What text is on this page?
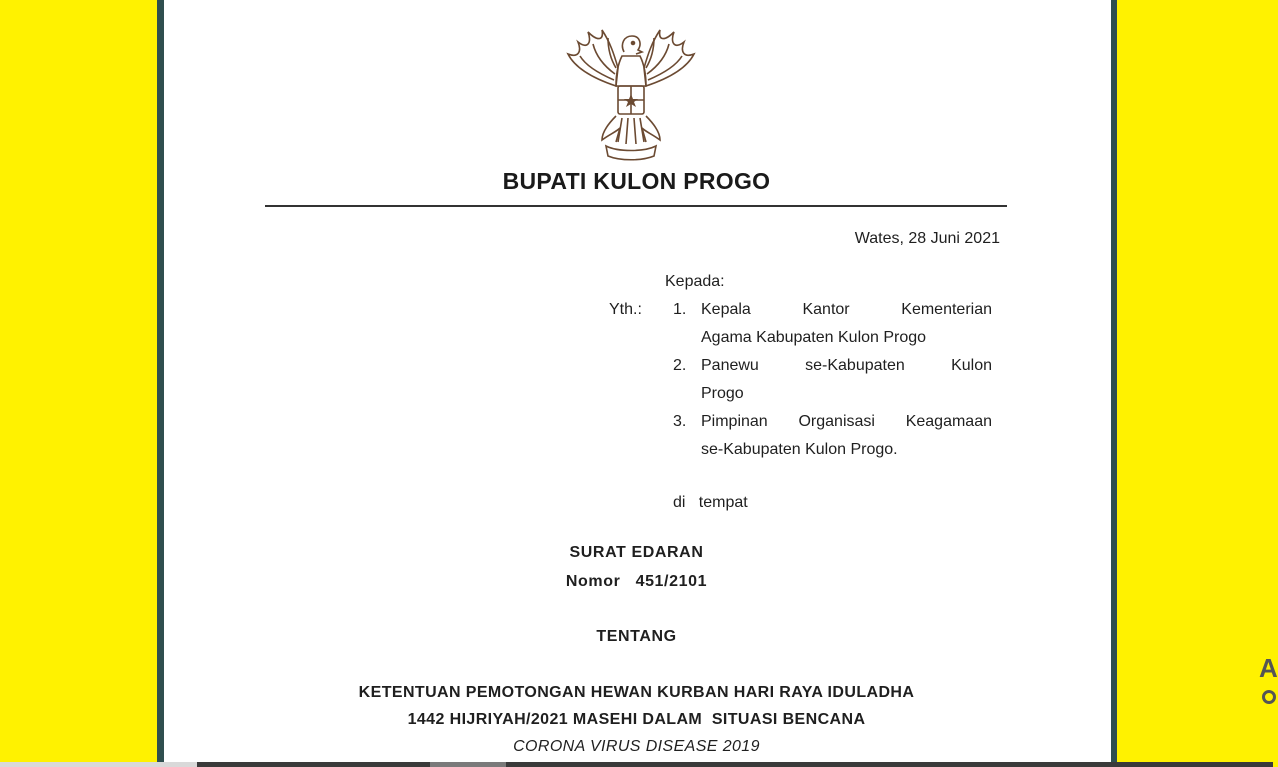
BUPATI KULON PROGO
Wates, 28 Juni 2021
Kepada:
Yth.: 1. Kepala Kantor Kementerian
Agama Kabupaten Kulon Progo
2. Panewu se-Kabupaten Kulon
Progo
3. Pimpinan Organisasi Keagamaan
se-Kabupaten Kulon Progo.
di   tempat
SURAT EDARAN
Nomor   451/2101
TENTANG
KETENTUAN PEMOTONGAN HEWAN KURBAN HARI RAYA IDULADHA
1442 HIJRIYAH/2021 MASEHI DALAM  SITUASI BENCANA
CORONA VIRUS DISEASE 2019
A
